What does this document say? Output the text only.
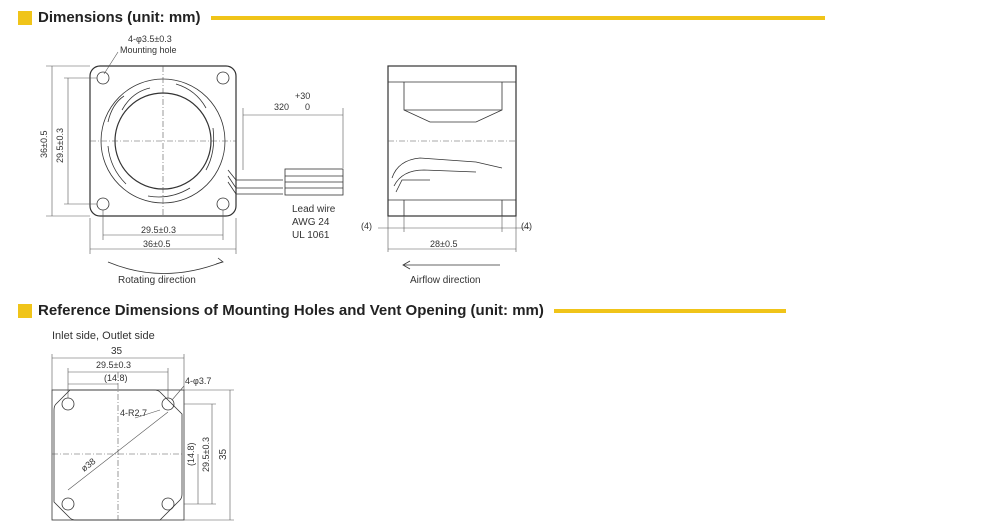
Dimensions (unit: mm)
Reference Dimensions of Mounting Holes and Vent Opening (unit: mm)
4-φ3.5±0.3
Mounting hole
36±0.5 29.5±0.3
29.5±0.3
36±0.5
Rotating direction
+30
320 0
Lead wire
AWG 24
UL 1061
(4)	(4)
28±0.5
Airflow direction
Inlet side, Outlet side
35
29.5±0.3
(14.8)	4-φ3.7
4-R2.7
ø38	(14.8) 29.5±0.3 35
